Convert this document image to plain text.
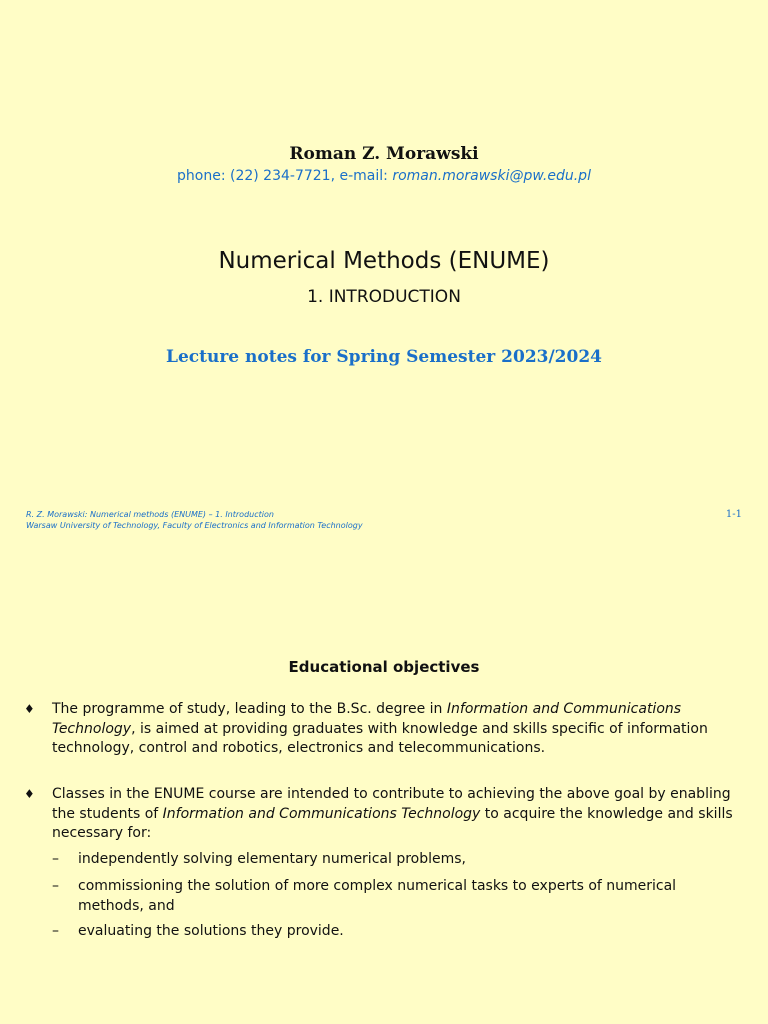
Roman Z. Morawski
phone: (22) 234-7721, e-mail: roman.morawski@pw.edu.pl
Numerical Methods (ENUME)
1. INTRODUCTION
Lecture notes for Spring Semester 2023/2024
R. Z. Morawski: Numerical methods (ENUME) – 1. Introduction
Warsaw University of Technology, Faculty of Electronics and Information Technology
1-1
Educational objectives
♦ The programme of study, leading to the B.Sc. degree in Information and Communications Technology, is aimed at providing graduates with knowledge and skills specific of information technology, control and robotics, electronics and telecommunications.
♦ Classes in the ENUME course are intended to contribute to achieving the above goal by enabling the students of Information and Communications Technology to acquire the knowledge and skills necessary for:
– independently solving elementary numerical problems,
– commissioning the solution of more complex numerical tasks to experts of numerical methods, and
– evaluating the solutions they provide.
